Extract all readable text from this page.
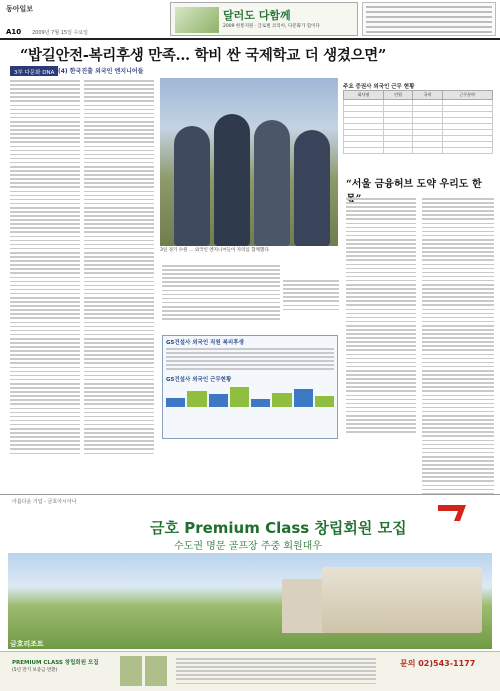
동아일보
A10 2009년 7월 15일 수요일
달러도 다함께
2009 한통지원 · 글로벌 코리아, 다문화가 힘이다
“밥길안전-복리후생 만족… 학비 싼 국제학교 더 생겼으면”
3부 다문화 DNA (4) 한국진출 외국인 엔지니어들
3일 경기 수원 … 외국인 엔지니어들이 자리를 함께했다.
주요 증권사 외국인 근무 현황
회사명	인원	국적	근무분야

“서울 금융허브 도약 우리도 한
G5건설사 외국인 직원 복리후생
G5건설사 외국인 근무현황
아름다운 기업 - 금호아시아나
금호 Premium Class 창립회원 모집
수도권 명문 골프장 주중 회원대우
금호리조트
PREMIUM CLASS 창립회원 모집
(5년 만기 보증금 반환)
문의 02)543-1177
